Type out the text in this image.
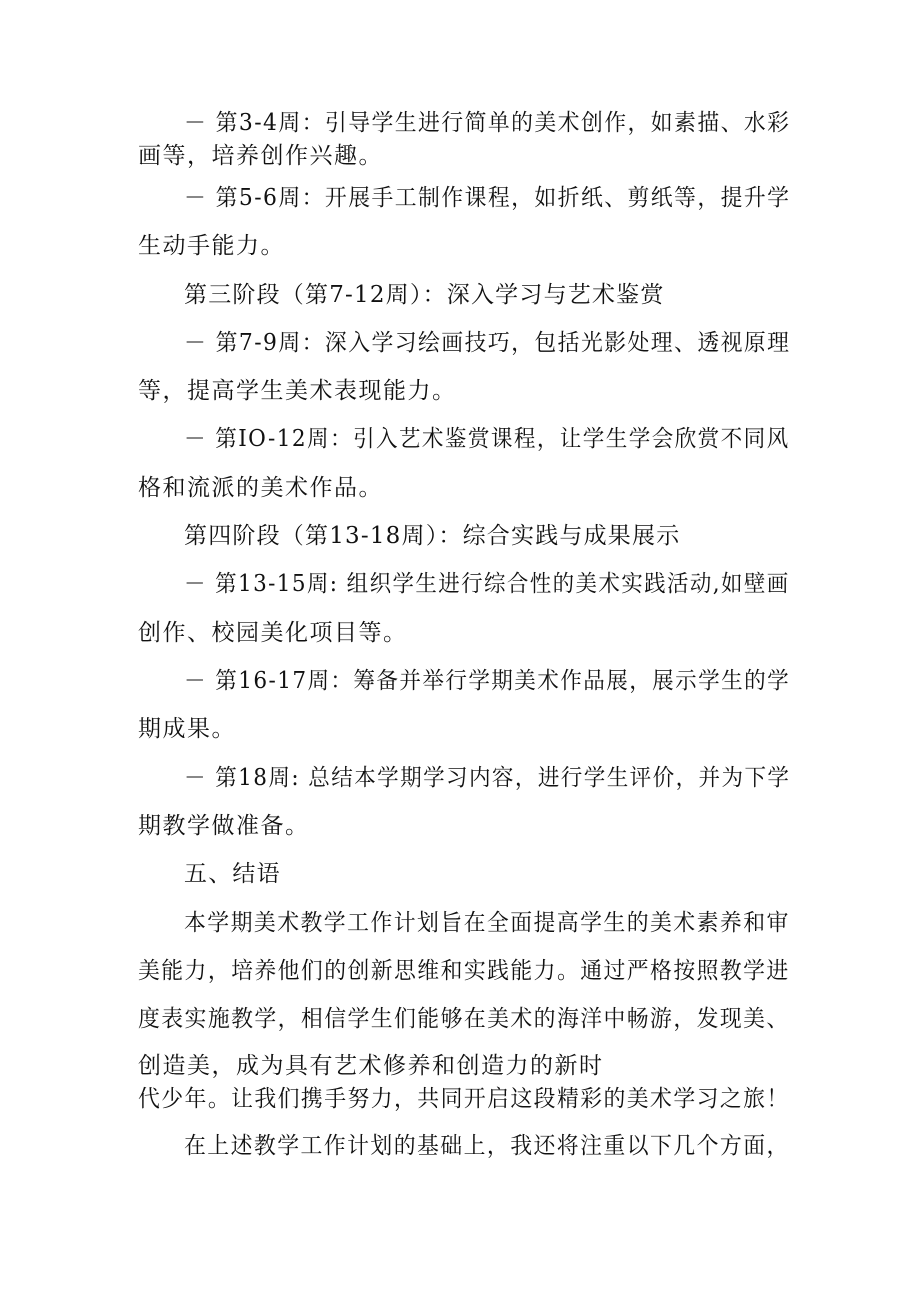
－ 第3-4周：引导学生进行简单的美术创作，如素描、水彩
画等，培养创作兴趣。
－ 第5-6周：开展手工制作课程，如折纸、剪纸等，提升学
生动手能力。
第三阶段（第7-12周）：深入学习与艺术鉴赏
－ 第7-9周：深入学习绘画技巧，包括光影处理、透视原理
等，提高学生美术表现能力。
－ 第IO-12周：引入艺术鉴赏课程，让学生学会欣赏不同风
格和流派的美术作品。
第四阶段（第13-18周）：综合实践与成果展示
－ 第13-15周: 组织学生进行综合性的美术实践活动,如壁画
创作、校园美化项目等。
－ 第16-17周：筹备并举行学期美术作品展，展示学生的学
期成果。
－ 第18周: 总结本学期学习内容，进行学生评价，并为下学
期教学做准备。
五、结语
本学期美术教学工作计划旨在全面提高学生的美术素养和审
美能力，培养他们的创新思维和实践能力。通过严格按照教学进
度表实施教学，相信学生们能够在美术的海洋中畅游，发现美、
创造美，成为具有艺术修养和创造力的新时
代少年。让我们携手努力，共同开启这段精彩的美术学习之旅！
在上述教学工作计划的基础上，我还将注重以下几个方面，
